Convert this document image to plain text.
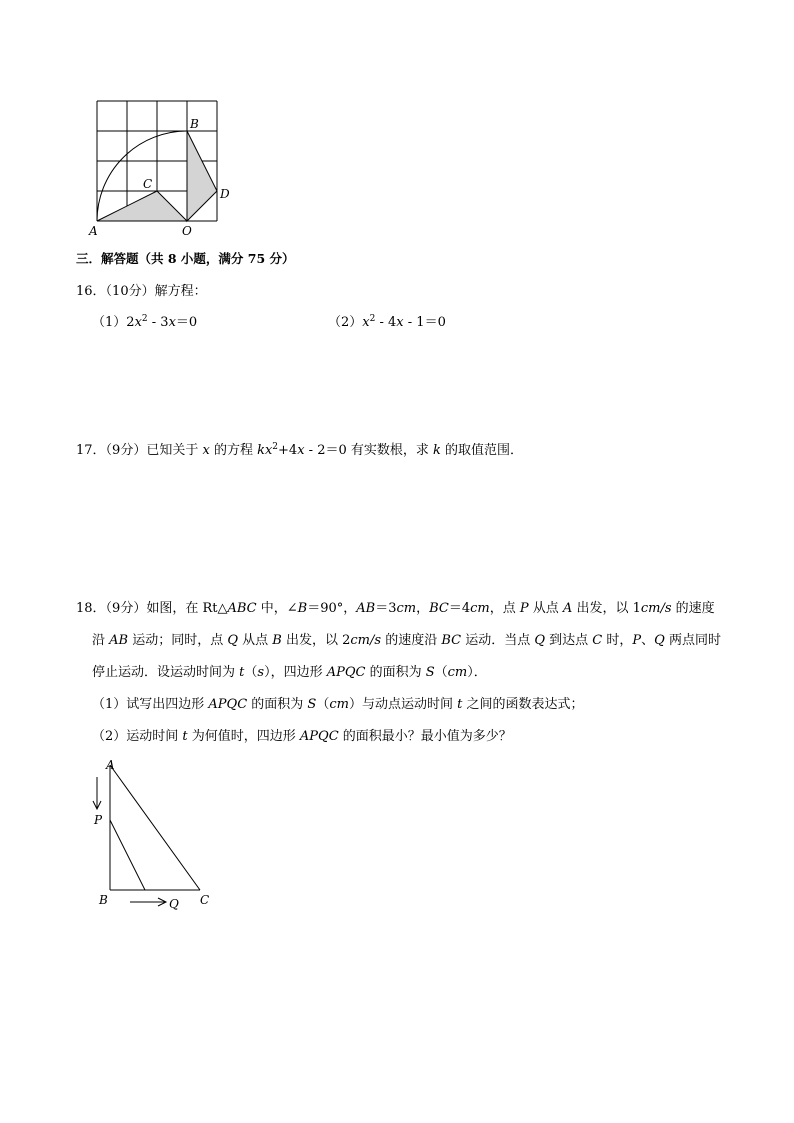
A
B
C
D
O
三．解答题（共 8 小题，满分 75 分）
16．（10分）解方程：
$(1)2x^2 - 3x=0$	$(2)x^2 - 4x - 1=0$
17．（9分）已知关于 x 的方程 $kx^2+4x - 2=0$ 有实数根，求 k 的取值范围．
18．（9分）如图，在 Rt△ABC 中，∠B＝90°，AB＝3cm，BC＝4cm，点 P 从点 A 出发，以 1cm/s 的速度
沿 AB 运动；同时，点 Q 从点 B 出发，以 2cm/s 的速度沿 BC 运动．当点 Q 到达点 C 时，P、Q 两点同时
停止运动．设运动时间为 t（s），四边形 APQC 的面积为 S（cm）．
（1）试写出四边形 APQC 的面积为 S（cm）与动点运动时间 t 之间的函数表达式；
（2）运动时间 t 为何值时，四边形 APQC 的面积最小？最小值为多少？
A
P
B	Q C
